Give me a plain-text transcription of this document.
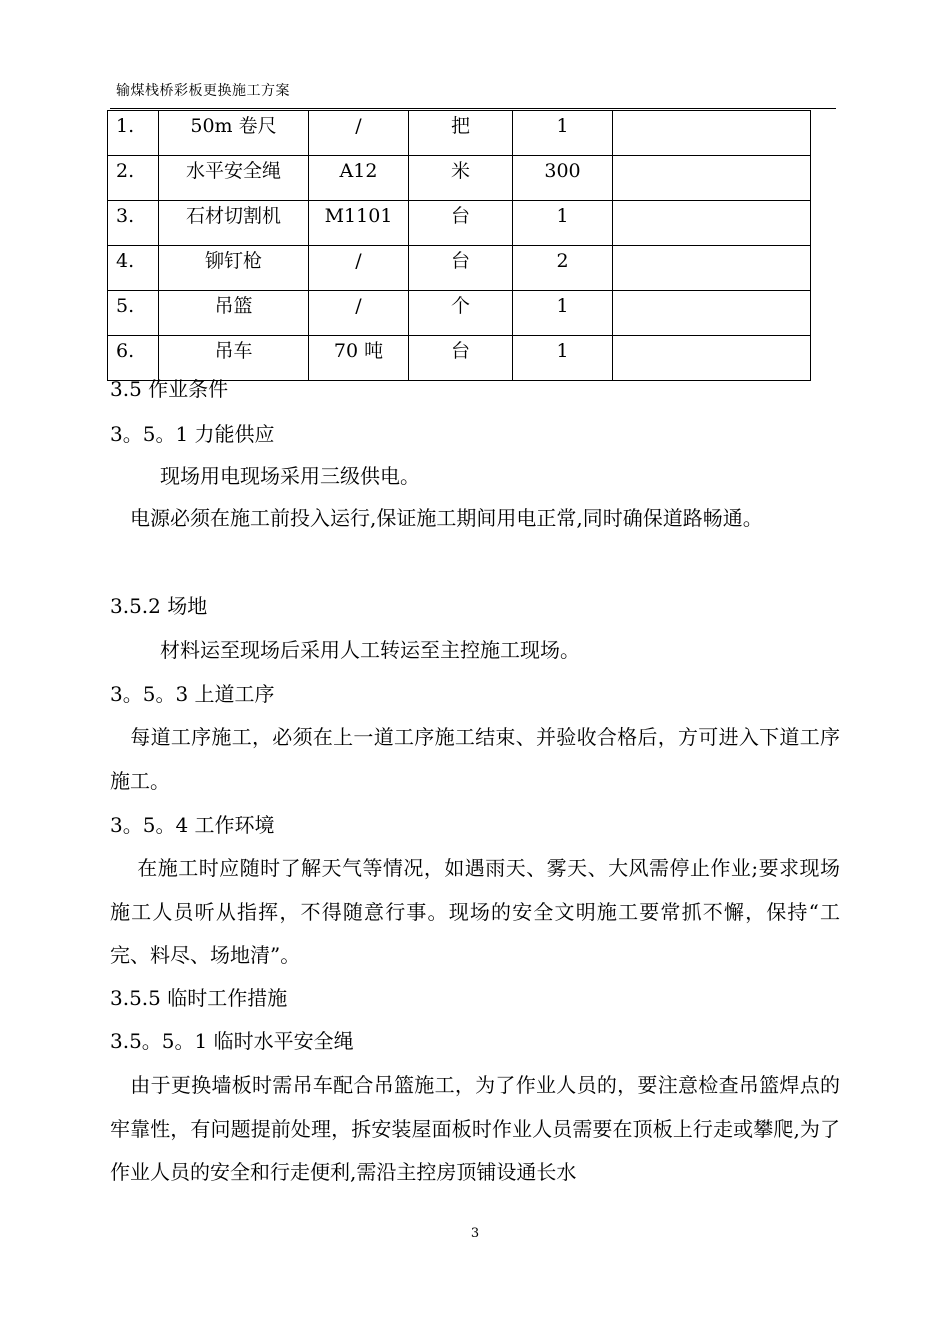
输煤栈桥彩板更换施工方案
1.	50m 卷尺	/	把	1	
2.	水平安全绳	A12	米	300	
3.	石材切割机	M1101	台	1	
4.	铆钉枪	/	台	2	
5.	吊篮	/	个	1	
6.	吊车	70 吨	台	1	
3.5 作业条件
3。5。1 力能供应
现场用电现场采用三级供电。
　电源必须在施工前投入运行,保证施工期间用电正常,同时确保道路畅通。
3.5.2 场地
材料运至现场后采用人工转运至主控施工现场。
3。5。3 上道工序
　每道工序施工，必须在上一道工序施工结束、并验收合格后，方可进入下道工序施工。
3。5。4 工作环境
　 在施工时应随时了解天气等情况，如遇雨天、雾天、大风需停止作业;要求现场施工人员听从指挥，不得随意行事。现场的安全文明施工要常抓不懈，保持“工完、料尽、场地清”。
3.5.5 临时工作措施
3.5。5。1 临时水平安全绳
　由于更换墙板时需吊车配合吊篮施工，为了作业人员的，要注意检查吊篮焊点的牢靠性，有问题提前处理，拆安装屋面板时作业人员需要在顶板上行走或攀爬,为了作业人员的安全和行走便利,需沿主控房顶铺设通长水
3
